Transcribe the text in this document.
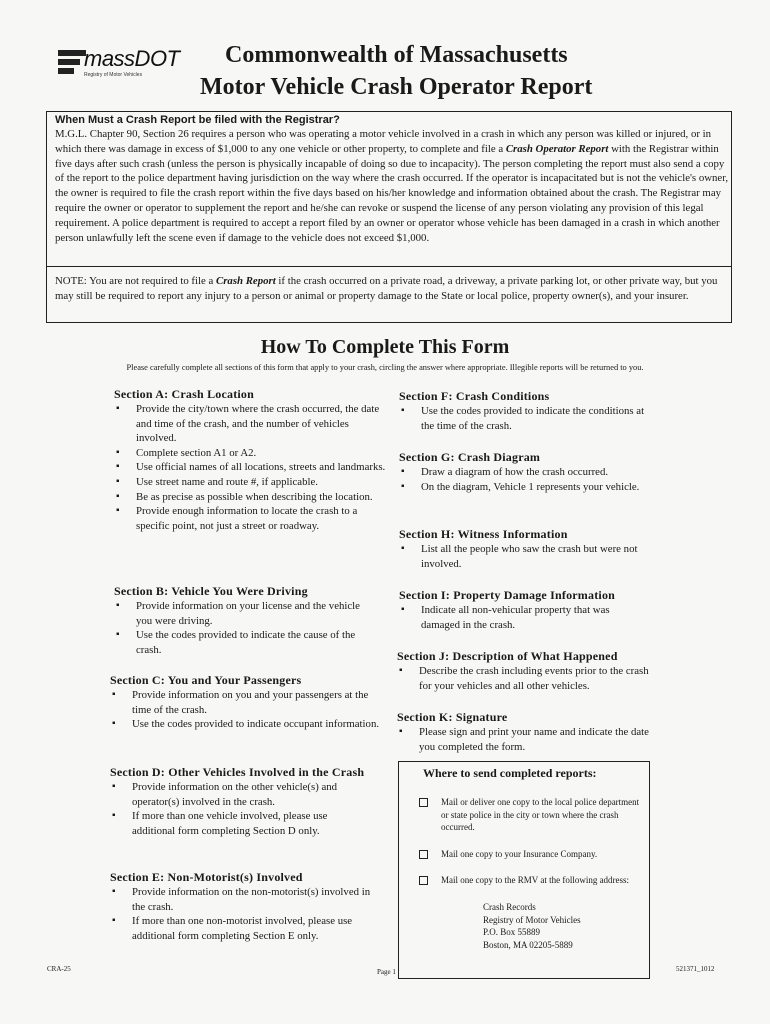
massDOT
Registry of Motor Vehicles
Commonwealth of Massachusetts
Motor Vehicle Crash Operator Report
When Must a Crash Report be filed with the Registrar?
M.G.L. Chapter 90, Section 26 requires a person who was operating a motor vehicle involved in a crash in which any person was killed or injured, or in which there was damage in excess of $1,000 to any one vehicle or other property, to complete and file a Crash Operator Report with the Registrar within five days after such crash (unless the person is physically incapable of doing so due to incapacity). The person completing the report must also send a copy of the report to the police department having jurisdiction on the way where the crash occurred. If the operator is incapacitated but is not the vehicle's owner, the owner is required to file the crash report within the five days based on his/her knowledge and information obtained about the crash. The Registrar may require the owner or operator to supplement the report and he/she can revoke or suspend the license of any person violating any provision of this legal requirement. A police department is required to accept a report filed by an owner or operator whose vehicle has been damaged in a crash in which another person unlawfully left the scene even if damage to the vehicle does not exceed $1,000.
NOTE: You are not required to file a Crash Report if the crash occurred on a private road, a driveway, a private parking lot, or other private way, but you may still be required to report any injury to a person or animal or property damage to the State or local police, property owner(s), and your insurer.
How To Complete This Form
Please carefully complete all sections of this form that apply to your crash, circling the answer where appropriate. Illegible reports will be returned to you.
Section A: Crash Location
▪ Provide the city/town where the crash occurred, the date and time of the crash, and the number of vehicles involved.
▪ Complete section A1 or A2.
▪ Use official names of all locations, streets and landmarks.
▪ Use street name and route #, if applicable.
▪ Be as precise as possible when describing the location.
▪ Provide enough information to locate the crash to a specific point, not just a street or roadway.
Section B: Vehicle You Were Driving
▪ Provide information on your license and the vehicle you were driving.
▪ Use the codes provided to indicate the cause of the crash.
Section C: You and Your Passengers
▪ Provide information on you and your passengers at the time of the crash.
▪ Use the codes provided to indicate occupant information.
Section D: Other Vehicles Involved in the Crash
▪ Provide information on the other vehicle(s) and operator(s) involved in the crash.
▪ If more than one vehicle involved, please use additional form completing Section D only.
Section E: Non-Motorist(s) Involved
▪ Provide information on the non-motorist(s) involved in the crash.
▪ If more than one non-motorist involved, please use additional form completing Section E only.
Section F: Crash Conditions
▪ Use the codes provided to indicate the conditions at the time of the crash.
Section G: Crash Diagram
▪ Draw a diagram of how the crash occurred.
▪ On the diagram, Vehicle 1 represents your vehicle.
Section H: Witness Information
▪ List all the people who saw the crash but were not involved.
Section I: Property Damage Information
▪ Indicate all non-vehicular property that was damaged in the crash.
Section J: Description of What Happened
▪ Describe the crash including events prior to the crash for your vehicles and all other vehicles.
Section K: Signature
▪ Please sign and print your name and indicate the date you completed the form.
Where to send completed reports:
Mail or deliver one copy to the local police department or state police in the city or town where the crash occurred.
Mail one copy to your Insurance Company.
Mail one copy to the RMV at the following address:
Crash Records
Registry of Motor Vehicles
P.O. Box 55889
Boston, MA 02205-5889
CRA-25	Page 1	521371_1012
